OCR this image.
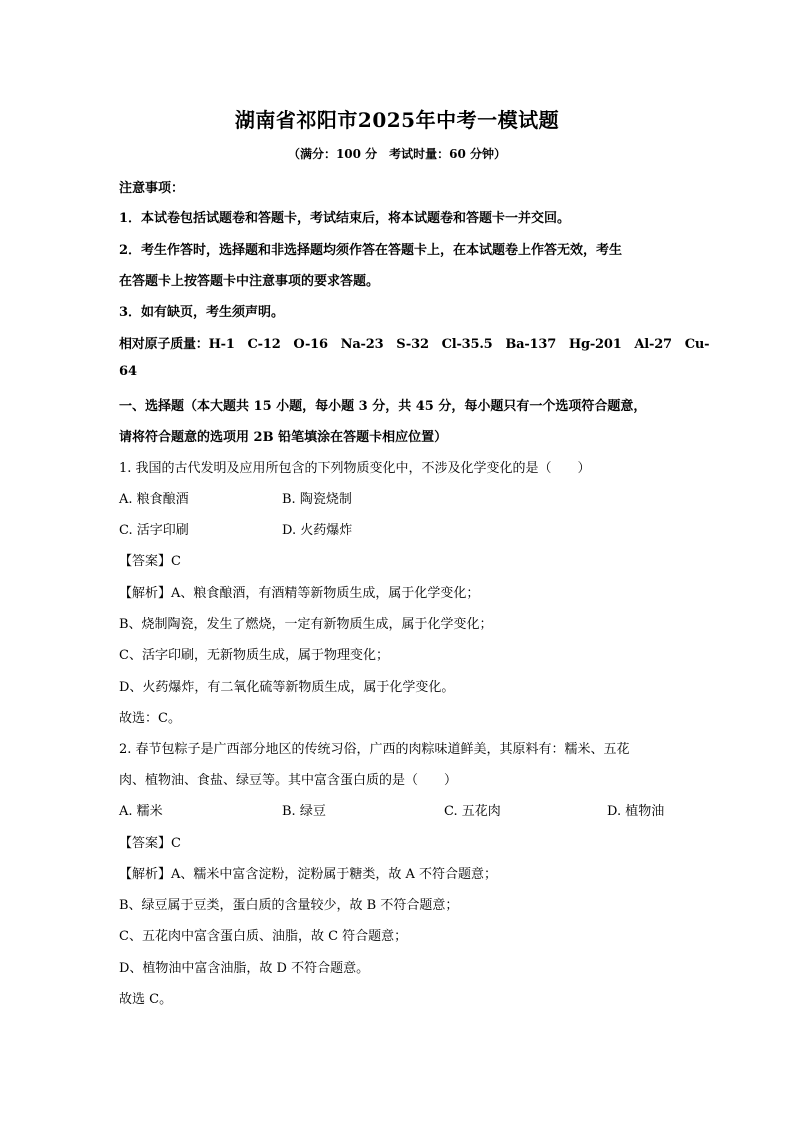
湖南省祁阳市2025年中考一模试题
（满分：100 分　考试时量：60 分钟）
注意事项：
1．本试卷包括试题卷和答题卡，考试结束后，将本试题卷和答题卡一并交回。
2．考生作答时，选择题和非选择题均须作答在答题卡上，在本试题卷上作答无效，考生
在答题卡上按答题卡中注意事项的要求答题。
3．如有缺页，考生须声明。
相对原子质量：H-1　C-12　O-16　Na-23　S-32　Cl-35.5　Ba-137　Hg-201　Al-27　Cu-
64
一、选择题（本大题共 15 小题，每小题 3 分，共 45 分，每小题只有一个选项符合题意，
请将符合题意的选项用 2B 铅笔填涂在答题卡相应位置）
1. 我国的古代发明及应用所包含的下列物质变化中，不涉及化学变化的是（　　）
A. 粮食酿酒	B. 陶瓷烧制
C. 活字印刷	D. 火药爆炸
【答案】C
【解析】A、粮食酿酒，有酒精等新物质生成，属于化学变化；
B、烧制陶瓷，发生了燃烧，一定有新物质生成，属于化学变化；
C、活字印刷，无新物质生成，属于物理变化；
D、火药爆炸，有二氧化硫等新物质生成，属于化学变化。
故选：C。
2. 春节包粽子是广西部分地区的传统习俗，广西的肉粽味道鲜美，其原料有：糯米、五花
肉、植物油、食盐、绿豆等。其中富含蛋白质的是（　　）
A. 糯米	B. 绿豆	C. 五花肉	D. 植物油
【答案】C
【解析】A、糯米中富含淀粉，淀粉属于糖类，故 A 不符合题意；
B、绿豆属于豆类，蛋白质的含量较少，故 B 不符合题意；
C、五花肉中富含蛋白质、油脂，故 C 符合题意；
D、植物油中富含油脂，故 D 不符合题意。
故选 C。
